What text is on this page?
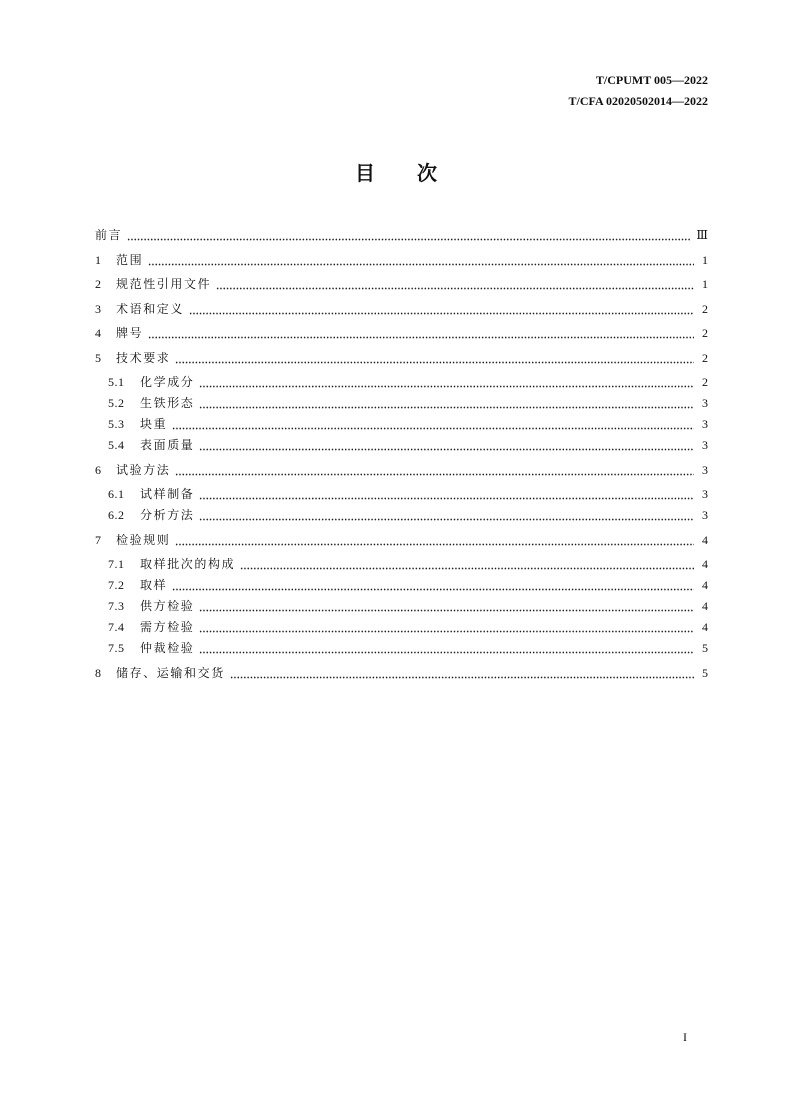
T/CPUMT 005—2022
T/CFA 02020502014—2022
目次
前言	Ⅲ
1	范围	1
2	规范性引用文件	1
3	术语和定义	2
4	牌号	2
5	技术要求	2
5.1	化学成分	2
5.2	生铁形态	3
5.3	块重	3
5.4	表面质量	3
6	试验方法	3
6.1	试样制备	3
6.2	分析方法	3
7	检验规则	4
7.1	取样批次的构成	4
7.2	取样	4
7.3	供方检验	4
7.4	需方检验	4
7.5	仲裁检验	5
8	储存、运输和交货	5
I
